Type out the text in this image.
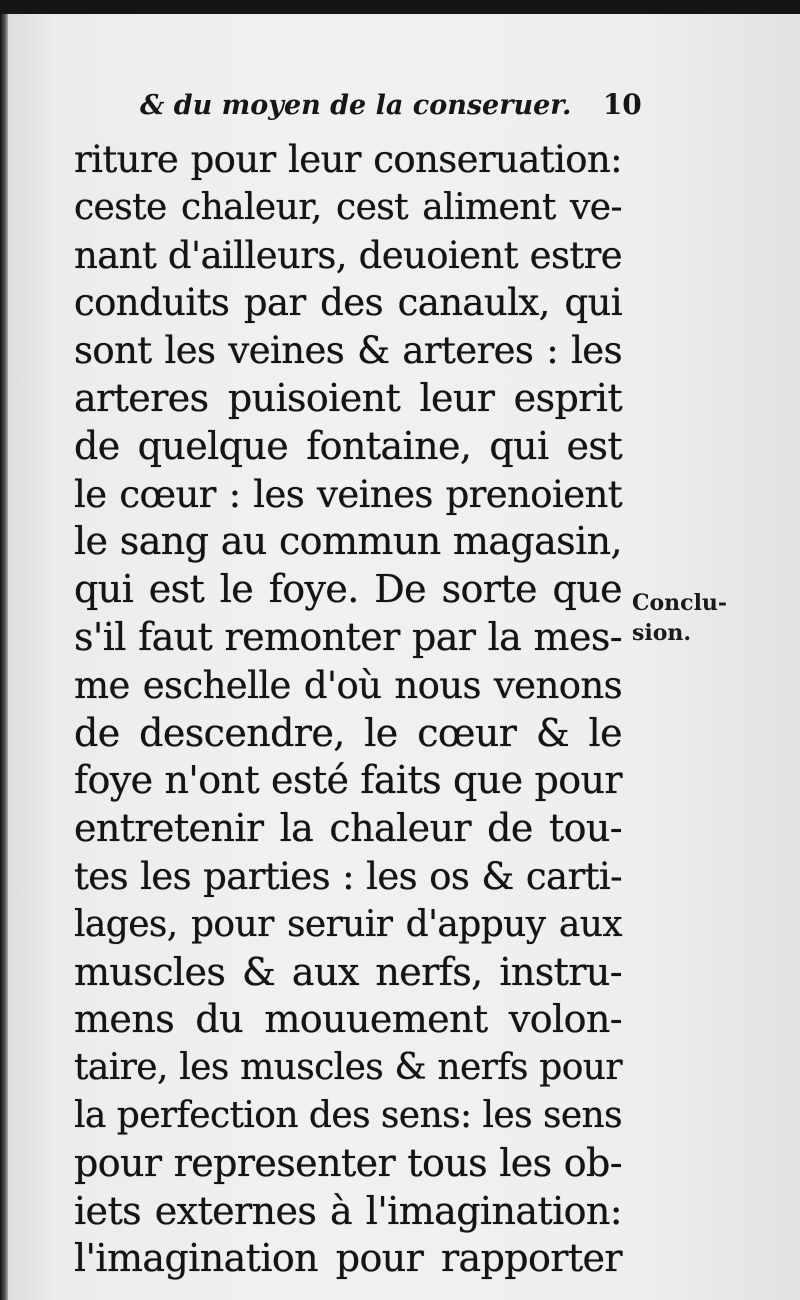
& du moyen de la conseruer. 10
riture pour leur conseruation:
ceste chaleur, cest aliment ve-
nant d'ailleurs, deuoient estre
conduits par des canaulx, qui
sont les veines & arteres : les
arteres puisoient leur esprit
de quelque fontaine, qui est
le cœur : les veines prenoient
le sang au commun magasin,
qui est le foye. De sorte que
s'il faut remonter par la mes-
me eschelle d'où nous venons
de descendre, le cœur & le
foye n'ont esté faits que pour
entretenir la chaleur de tou-
tes les parties : les os & carti-
lages, pour seruir d'appuy aux
muscles & aux nerfs, instru-
mens du mouuement volon-
taire, les muscles & nerfs pour
la perfection des sens: les sens
pour representer tous les ob-
iets externes à l'imagination:
l'imagination pour rapporter
Conclu-
sion.
